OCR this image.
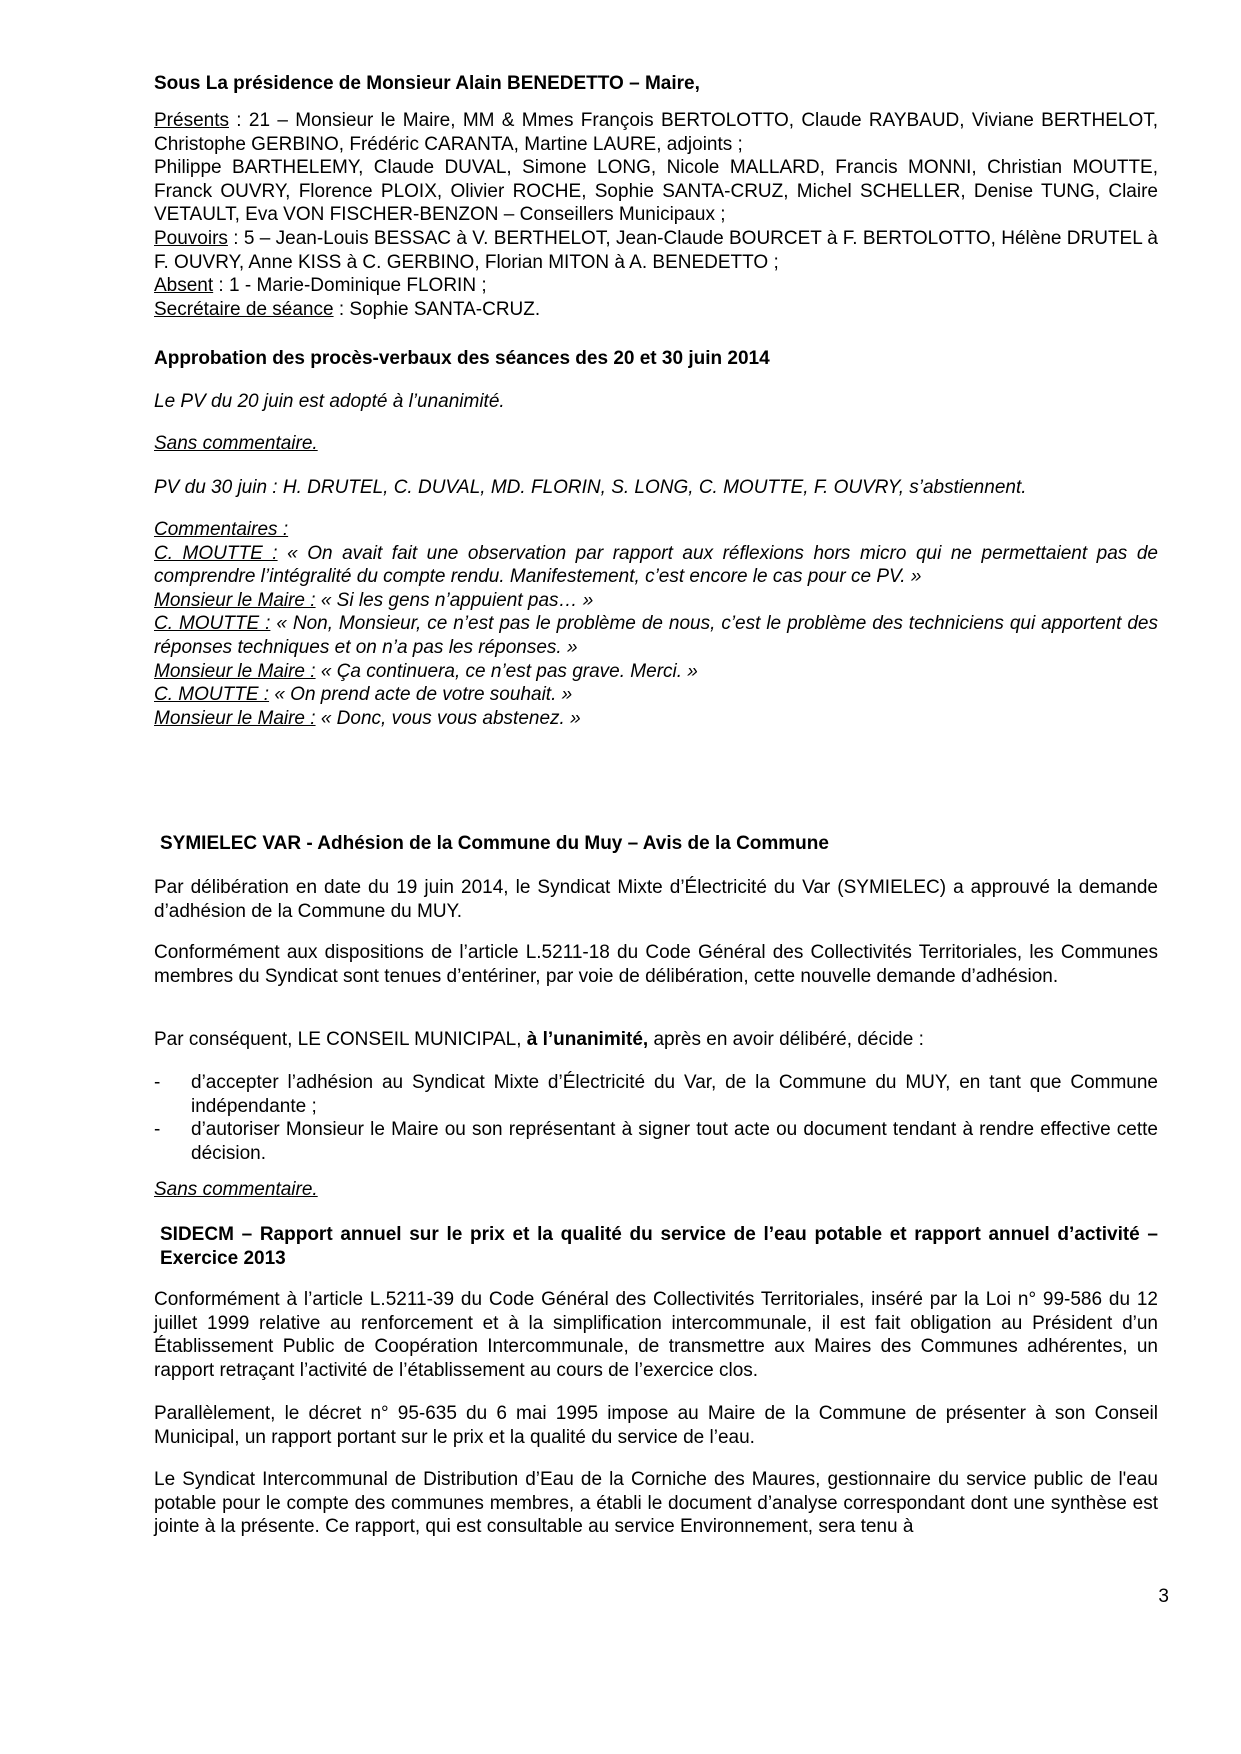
Sous La présidence de Monsieur Alain BENEDETTO – Maire,

Présents : 21 – Monsieur le Maire, MM & Mmes François BERTOLOTTO, Claude RAYBAUD, Viviane BERTHELOT, Christophe GERBINO, Frédéric CARANTA, Martine LAURE, adjoints ;

Philippe BARTHELEMY, Claude DUVAL, Simone LONG, Nicole MALLARD, Francis MONNI, Christian MOUTTE, Franck OUVRY, Florence PLOIX, Olivier ROCHE, Sophie SANTA-CRUZ, Michel SCHELLER, Denise TUNG, Claire VETAULT, Eva VON FISCHER-BENZON – Conseillers Municipaux ;

Pouvoirs : 5 – Jean-Louis BESSAC à V. BERTHELOT, Jean-Claude BOURCET à F. BERTOLOTTO, Hélène DRUTEL à F. OUVRY, Anne KISS à C. GERBINO, Florian MITON à A. BENEDETTO ;

Absent : 1 - Marie-Dominique FLORIN ;

Secrétaire de séance : Sophie SANTA-CRUZ.

Approbation des procès-verbaux des séances des 20 et 30 juin 2014

Le PV du 20 juin est adopté à l’unanimité.

Sans commentaire.

PV du 30 juin : H. DRUTEL, C. DUVAL, MD. FLORIN, S. LONG, C. MOUTTE, F. OUVRY, s’abstiennent.

Commentaires :

C. MOUTTE : « On avait fait une observation par rapport aux réflexions hors micro qui ne permettaient pas de comprendre l’intégralité du compte rendu. Manifestement, c’est encore le cas pour ce PV. »

Monsieur le Maire : « Si les gens n’appuient pas… »

C. MOUTTE : « Non, Monsieur, ce n’est pas le problème de nous, c’est le problème des techniciens qui apportent des réponses techniques et on n’a pas les réponses. »

Monsieur le Maire : « Ça continuera, ce n’est pas grave. Merci. »

C. MOUTTE : « On prend acte de votre souhait. »

Monsieur le Maire : « Donc, vous vous abstenez. »

SYMIELEC VAR - Adhésion de la Commune du Muy – Avis de la Commune

Par délibération en date du 19 juin 2014, le Syndicat Mixte d’Électricité du Var (SYMIELEC) a approuvé la demande d’adhésion de la Commune du MUY.

Conformément aux dispositions de l’article L.5211-18 du Code Général des Collectivités Territoriales, les Communes membres du Syndicat sont tenues d’entériner, par voie de délibération, cette nouvelle demande d’adhésion.

Par conséquent, LE CONSEIL MUNICIPAL, à l’unanimité, après en avoir délibéré, décide :

- d’accepter l’adhésion au Syndicat Mixte d’Électricité du Var, de la Commune du MUY, en tant que Commune indépendante ;
- d’autoriser Monsieur le Maire ou son représentant à signer tout acte ou document tendant à rendre effective cette décision.

Sans commentaire.

SIDECM – Rapport annuel sur le prix et la qualité du service de l’eau potable et rapport annuel d’activité – Exercice 2013

Conformément à l’article L.5211-39 du Code Général des Collectivités Territoriales, inséré par la Loi n° 99-586 du 12 juillet 1999 relative au renforcement et à la simplification intercommunale, il est fait obligation au Président d’un Établissement Public de Coopération Intercommunale, de transmettre aux Maires des Communes adhérentes, un rapport retraçant l’activité de l’établissement au cours de l’exercice clos.

Parallèlement, le décret n° 95-635 du 6 mai 1995 impose au Maire de la Commune de présenter à son Conseil Municipal, un rapport portant sur le prix et la qualité du service de l’eau.

Le Syndicat Intercommunal de Distribution d’Eau de la Corniche des Maures, gestionnaire du service public de l'eau potable pour le compte des communes membres, a établi le document d’analyse correspondant dont une synthèse est jointe à la présente. Ce rapport, qui est consultable au service Environnement, sera tenu à

3
